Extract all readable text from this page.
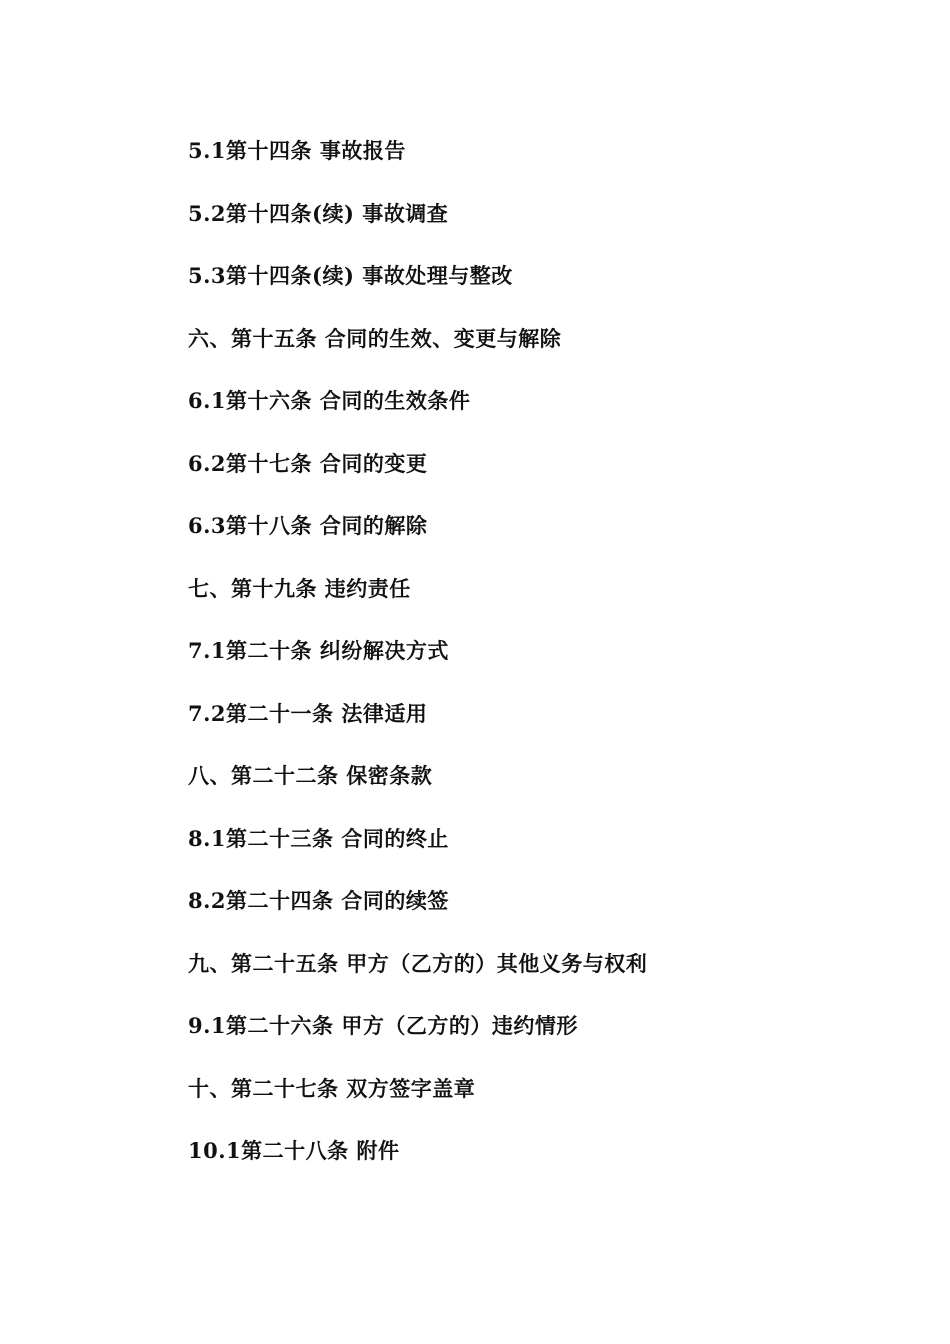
5.1第十四条 事故报告
5.2第十四条(续) 事故调查
5.3第十四条(续) 事故处理与整改
六、第十五条 合同的生效、变更与解除
6.1第十六条 合同的生效条件
6.2第十七条 合同的变更
6.3第十八条 合同的解除
七、第十九条 违约责任
7.1第二十条 纠纷解决方式
7.2第二十一条 法律适用
八、第二十二条 保密条款
8.1第二十三条 合同的终止
8.2第二十四条 合同的续签
九、第二十五条 甲方（乙方的）其他义务与权利
9.1第二十六条 甲方（乙方的）违约情形
十、第二十七条 双方签字盖章
10.1第二十八条 附件
